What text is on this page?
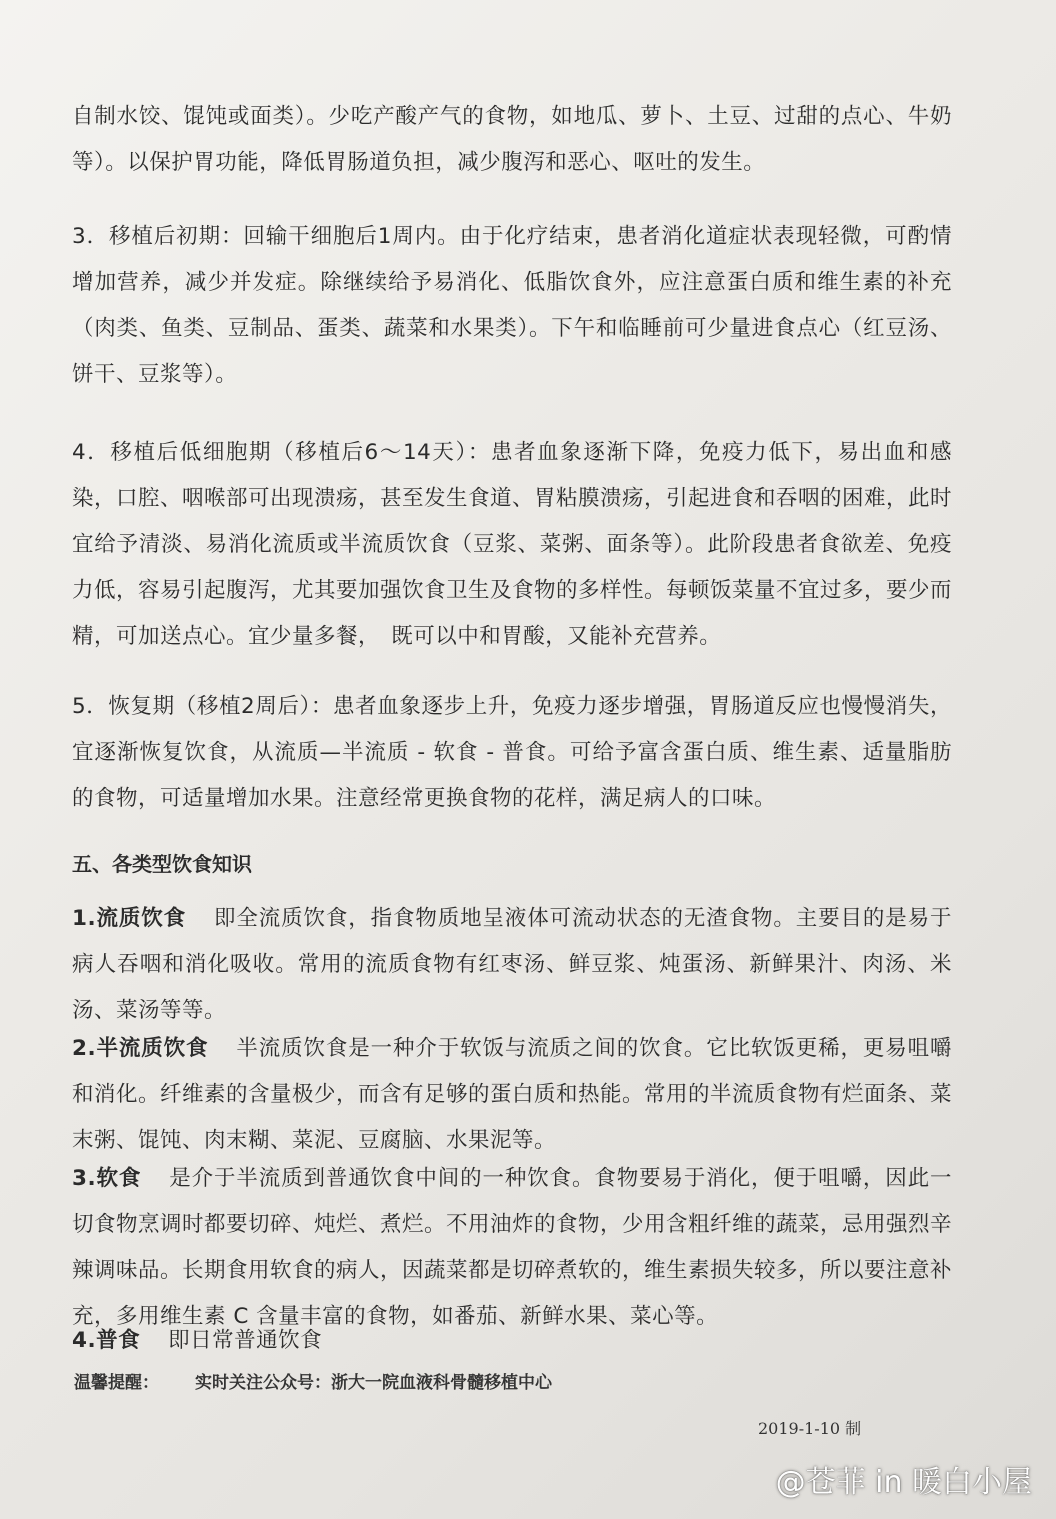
自制水饺、馄饨或面类）。少吃产酸产气的食物，如地瓜、萝卜、土豆、过甜的点心、牛奶等）。以保护胃功能，降低胃肠道负担，减少腹泻和恶心、呕吐的发生。

3．移植后初期：回输干细胞后1周内。由于化疗结束，患者消化道症状表现轻微，可酌情增加营养，减少并发症。除继续给予易消化、低脂饮食外，应注意蛋白质和维生素的补充（肉类、鱼类、豆制品、蛋类、蔬菜和水果类）。下午和临睡前可少量进食点心（红豆汤、饼干、豆浆等）。

4．移植后低细胞期（移植后6～14天）：患者血象逐渐下降，免疫力低下，易出血和感染，口腔、咽喉部可出现溃疡，甚至发生食道、胃粘膜溃疡，引起进食和吞咽的困难，此时宜给予清淡、易消化流质或半流质饮食（豆浆、菜粥、面条等）。此阶段患者食欲差、免疫力低，容易引起腹泻，尤其要加强饮食卫生及食物的多样性。每顿饭菜量不宜过多，要少而精，可加送点心。宜少量多餐，　既可以中和胃酸，又能补充营养。

5．恢复期（移植2周后）：患者血象逐步上升，免疫力逐步增强，胃肠道反应也慢慢消失，宜逐渐恢复饮食，从流质—半流质 - 软食 - 普食。可给予富含蛋白质、维生素、适量脂肪的食物，可适量增加水果。注意经常更换食物的花样，满足病人的口味。

五、各类型饮食知识

1.流质饮食 即全流质饮食，指食物质地呈液体可流动状态的无渣食物。主要目的是易于病人吞咽和消化吸收。常用的流质食物有红枣汤、鲜豆浆、炖蛋汤、新鲜果汁、肉汤、米汤、菜汤等等。

2.半流质饮食 半流质饮食是一种介于软饭与流质之间的饮食。它比软饭更稀，更易咀嚼和消化。纤维素的含量极少，而含有足够的蛋白质和热能。常用的半流质食物有烂面条、菜末粥、馄饨、肉末糊、菜泥、豆腐脑、水果泥等。

3.软食 是介于半流质到普通饮食中间的一种饮食。食物要易于消化，便于咀嚼，因此一切食物烹调时都要切碎、炖烂、煮烂。不用油炸的食物，少用含粗纤维的蔬菜，忌用强烈辛辣调味品。长期食用软食的病人，因蔬菜都是切碎煮软的，维生素损失较多，所以要注意补充，多用维生素 C 含量丰富的食物，如番茄、新鲜水果、菜心等。

4.普食 即日常普通饮食

温馨提醒： 实时关注公众号：浙大一院血液科骨髓移植中心
2019-1-10 制
@苍菲 in 暖白小屋
